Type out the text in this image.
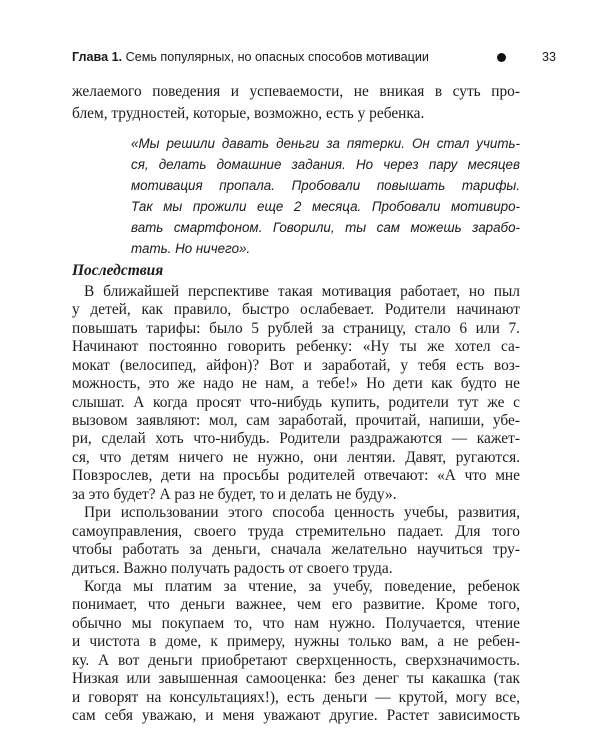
Глава 1. Семь популярных, но опасных способов мотивации	33
желаемого поведения и успеваемости, не вникая в суть про-
блем, трудностей, которые, возможно, есть у ребенка.
«Мы решили давать деньги за пятерки. Он стал учить-
ся, делать домашние задания. Но через пару месяцев
мотивация пропала. Пробовали повышать тарифы.
Так мы прожили еще 2 месяца. Пробовали мотивиро-
вать смартфоном. Говорили, ты сам можешь зарабо-
тать. Но ничего».
Последствия
В ближайшей перспективе такая мотивация работает, но пыл
у детей, как правило, быстро ослабевает. Родители начинают
повышать тарифы: было 5 рублей за страницу, стало 6 или 7.
Начинают постоянно говорить ребенку: «Ну ты же хотел са-
мокат (велосипед, айфон)? Вот и заработай, у тебя есть воз-
можность, это же надо не нам, а тебе!» Но дети как будто не
слышат. А когда просят что-нибудь купить, родители тут же с
вызовом заявляют: мол, сам заработай, прочитай, напиши, убе-
ри, сделай хоть что-нибудь. Родители раздражаются — кажет-
ся, что детям ничего не нужно, они лентяи. Давят, ругаются.
Повзрослев, дети на просьбы родителей отвечают: «А что мне
за это будет? А раз не будет, то и делать не буду».
При использовании этого способа ценность учебы, развития,
самоуправления, своего труда стремительно падает. Для того
чтобы работать за деньги, сначала желательно научиться тру-
диться. Важно получать радость от своего труда.
Когда мы платим за чтение, за учебу, поведение, ребенок
понимает, что деньги важнее, чем его развитие. Кроме того,
обычно мы покупаем то, что нам нужно. Получается, чтение
и чистота в доме, к примеру, нужны только вам, а не ребен-
ку. А вот деньги приобретают сверхценность, сверхзначимость.
Низкая или завышенная самооценка: без денег ты какашка (так
и говорят на консультациях!), есть деньги — крутой, могу все,
сам себя уважаю, и меня уважают другие. Растет зависимость
